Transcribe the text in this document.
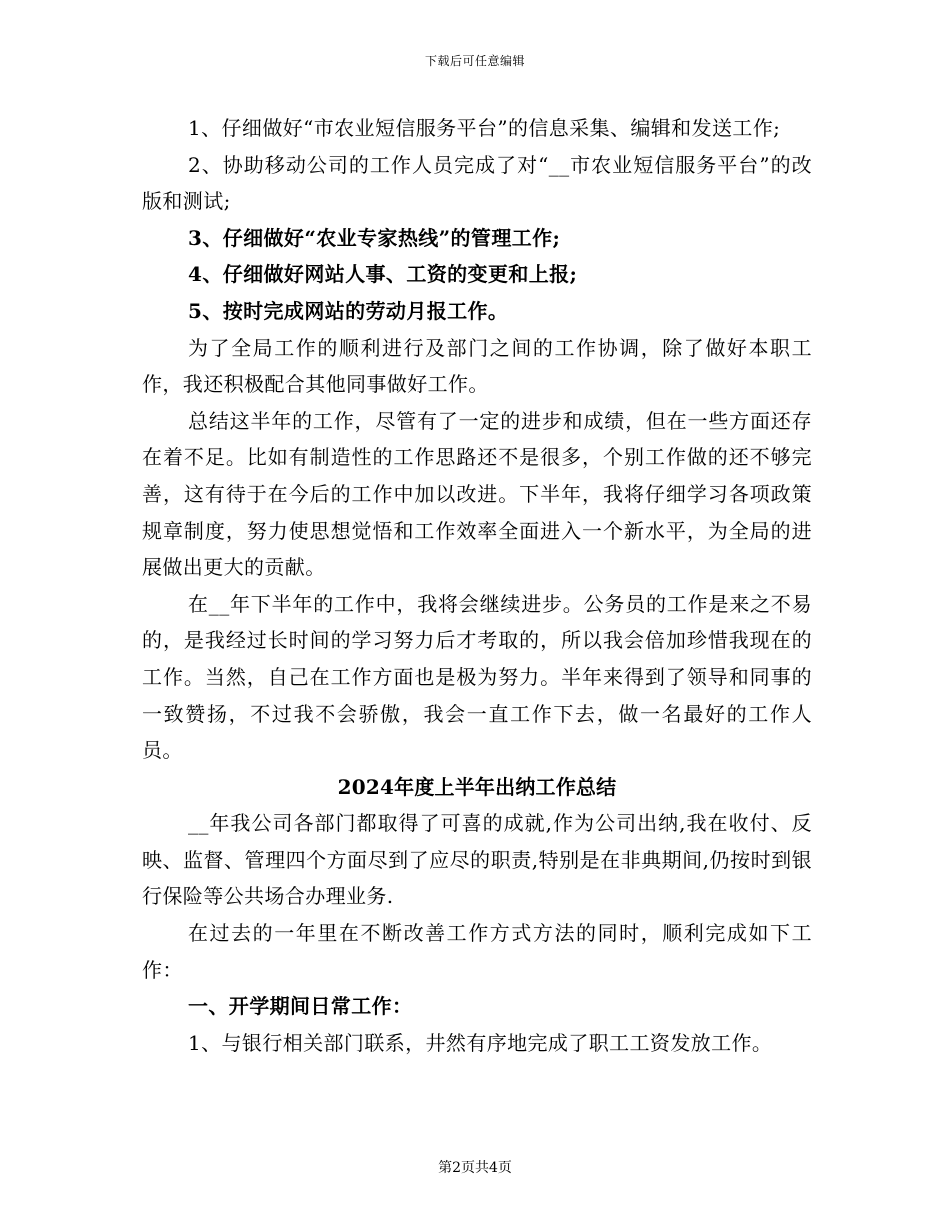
下载后可任意编辑

1、仔细做好“市农业短信服务平台”的信息采集、编辑和发送工作;

2、协助移动公司的工作人员完成了对“__市农业短信服务平台”的改版和测试;

3、仔细做好“农业专家热线”的管理工作;

4、仔细做好网站人事、工资的变更和上报;

5、按时完成网站的劳动月报工作。

为了全局工作的顺利进行及部门之间的工作协调，除了做好本职工作，我还积极配合其他同事做好工作。

总结这半年的工作，尽管有了一定的进步和成绩，但在一些方面还存在着不足。比如有制造性的工作思路还不是很多，个别工作做的还不够完善，这有待于在今后的工作中加以改进。下半年，我将仔细学习各项政策规章制度，努力使思想觉悟和工作效率全面进入一个新水平，为全局的进展做出更大的贡献。

在__年下半年的工作中，我将会继续进步。公务员的工作是来之不易的，是我经过长时间的学习努力后才考取的，所以我会倍加珍惜我现在的工作。当然，自己在工作方面也是极为努力。半年来得到了领导和同事的一致赞扬，不过我不会骄傲，我会一直工作下去，做一名最好的工作人员。

2024年度上半年出纳工作总结

__年我公司各部门都取得了可喜的成就,作为公司出纳,我在收付、反映、监督、管理四个方面尽到了应尽的职责,特别是在非典期间,仍按时到银行保险等公共场合办理业务.

在过去的一年里在不断改善工作方式方法的同时，顺利完成如下工作：

一、开学期间日常工作：

1、与银行相关部门联系，井然有序地完成了职工工资发放工作。

第2页共4页
